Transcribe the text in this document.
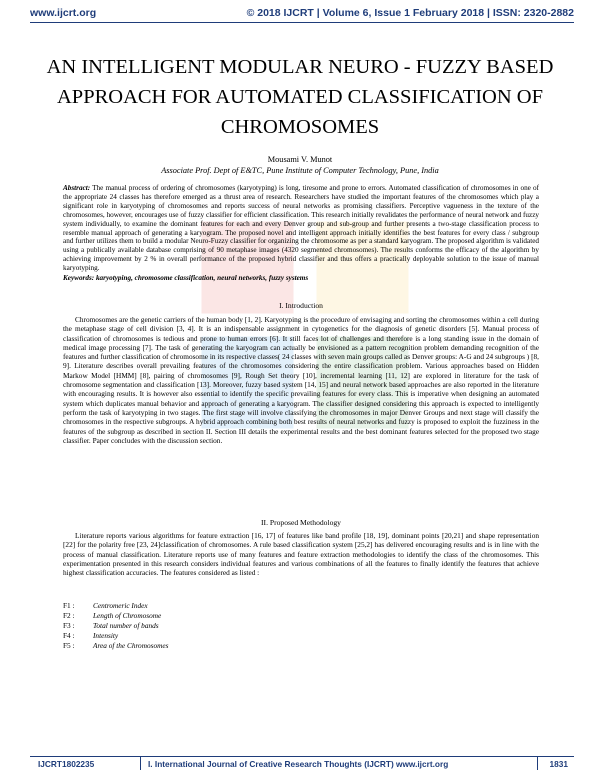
www.ijcrt.org	© 2018 IJCRT | Volume 6, Issue 1 February 2018 | ISSN: 2320-2882
AN INTELLIGENT MODULAR NEURO - FUZZY BASED APPROACH FOR AUTOMATED CLASSIFICATION OF CHROMOSOMES
Mousami V. Munot
Associate Prof. Dept of E&TC, Pune Institute of Computer Technology, Pune, India
Abstract: The manual process of ordering of chromosomes (karyotyping) is long, tiresome and prone to errors. Automated classification of chromosomes in one of the appropriate 24 classes has therefore emerged as a thrust area of research. Researchers have studied the important features of the chromosomes which play a significant role in karyotyping of chromosomes and reports success of neural networks as promising classifiers. Perceptive vagueness in the texture of the chromosomes, however, encourages use of fuzzy classifier for efficient classification. This research initially revalidates the performance of neural network and fuzzy system individually, to examine the dominant features for each and every Denver group and sub-group and further presents a two-stage classification process to resemble manual approach of generating a karyogram. The proposed novel and intelligent approach initially identifies the best features for every class / subgroup and further utilizes them to build a modular Neuro-Fuzzy classifier for organizing the chromosome as per a standard karyogram. The proposed algorithm is validated using a publically available database comprising of 90 metaphase images (4320 segmented chromosomes). The results conforms the efficacy of the algorithm by achieving improvement by 2 % in overall performance of the proposed hybrid classifier and thus offers a practically deployable solution to the issue of manual karyotyping.
Keywords: karyotyping, chromosome classification, neural networks, fuzzy systems
I. Introduction
Chromosomes are the genetic carriers of the human body [1, 2]. Karyotyping is the procedure of envisaging and sorting the chromosomes within a cell during the metaphase stage of cell division [3, 4]. It is an indispensable assignment in cytogenetics for the diagnosis of genetic disorders [5]. Manual process of classification of chromosomes is tedious and prone to human errors [6]. It still faces lot of challenges and therefore is a long standing issue in the domain of medical image processing [7]. The task of generating the karyogram can actually be envisioned as a pattern recognition problem demanding recognition of the features and further classification of chromosome in its respective classes( 24 classes with seven main groups called as Denver groups: A-G and 24 subgroups ) [8, 9]. Literature describes overall prevailing features of the chromosomes considering the entire classification problem. Various approaches based on Hidden Markow Model [HMM] [8], pairing of chromosomes [9], Rough Set theory [10], incremental learning [11, 12] are explored in literature for the task of chromosome segmentation and classification [13]. Moreover, fuzzy based system [14, 15] and neural network based approaches are also reported in the literature with encouraging results. It is however also essential to identify the specific prevailing features for every class. This is imperative when designing an automated system which duplicates manual behavior and approach of generating a karyogram. The classifier designed considering this approach is expected to intelligently perform the task of karyotyping in two stages. The first stage will involve classifying the chromosomes in major Denver Groups and next stage will classify the chromosomes in the respective subgroups. A hybrid approach combining both best results of neural networks and fuzzy is proposed to exploit the fuzziness in the features of the subgroup as described in section II. Section III details the experimental results and the best dominant features selected for the proposed two stage classifier. Paper concludes with the discussion section.
II. Proposed Methodology
Literature reports various algorithms for feature extraction [16, 17] of features like band profile [18, 19], dominant points [20,21] and shape representation [22] for the polarity free [23, 24]classification of chromosomes. A rule based classification system [25,2] has delivered encouraging results and is in line with the process of manual classification. Literature reports use of many features and feature extraction methodologies to identify the class of the chromosomes. This experimentation presented in this research considers individual features and various combinations of all the features to finally identify the features that achieve highest classification accuracies. The features considered as listed :
F1 :	Centromeric Index
F2 :	Length of Chromosome
F3 :	Total number of bands
F4 :	Intensity
F5 :	Area of the Chromosomes
IJCRT1802235	I. International Journal of Creative Research Thoughts (IJCRT) www.ijcrt.org	1831
